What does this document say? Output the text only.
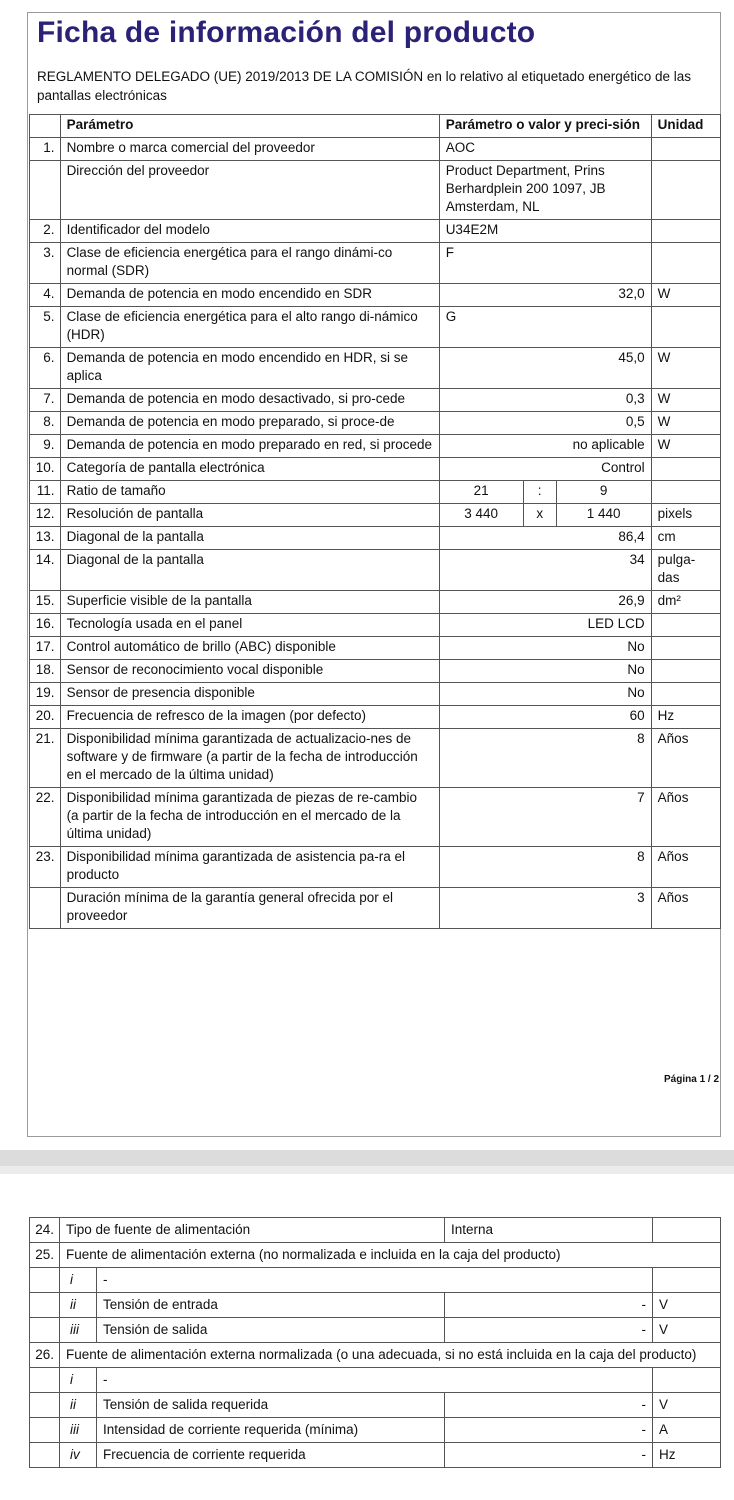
Ficha de información del producto
REGLAMENTO DELEGADO (UE) 2019/2013 DE LA COMISIÓN en lo relativo al etiquetado energético de las pantallas electrónicas
	Parámetro	Parámetro o valor y preci-sión	Unidad
1.	Nombre o marca comercial del proveedor	AOC	
	Dirección del proveedor	Product Department, Prins Berhardplein 200 1097, JB Amsterdam, NL	
2.	Identificador del modelo	U34E2M	
3.	Clase de eficiencia energética para el rango dinámi-co normal (SDR)	F	
4.	Demanda de potencia en modo encendido en SDR	32,0	W
5.	Clase de eficiencia energética para el alto rango di-námico (HDR)	G	
6.	Demanda de potencia en modo encendido en HDR, si se aplica	45,0	W
7.	Demanda de potencia en modo desactivado, si pro-cede	0,3	W
8.	Demanda de potencia en modo preparado, si proce-de	0,5	W
9.	Demanda de potencia en modo preparado en red, si procede	no aplicable	W
10.	Categoría de pantalla electrónica	Control	
11.	Ratio de tamaño	21 : 9	

12.	Resolución de pantalla	3 440 x 1 440	pixels
13.	Diagonal de la pantalla	86,4	cm
14.	Diagonal de la pantalla	34	pulga-das
15.	Superficie visible de la pantalla	26,9	dm²
16.	Tecnología usada en el panel	LED LCD	
17.	Control automático de brillo (ABC) disponible	No	
18.	Sensor de reconocimiento vocal disponible	No	
19.	Sensor de presencia disponible	No	
20.	Frecuencia de refresco de la imagen (por defecto)	60	Hz
21.	Disponibilidad mínima garantizada de actualizacio-nes de software y de firmware (a partir de la fecha de introducción en el mercado de la última unidad)	8	Años
22.	Disponibilidad mínima garantizada de piezas de re-cambio (a partir de la fecha de introducción en el mercado de la última unidad)	7	Años
23.	Disponibilidad mínima garantizada de asistencia pa-ra el producto	8	Años
	Duración mínima de la garantía general ofrecida por el proveedor	3	Años
Página 1 / 2
24.	Tipo de fuente de alimentación		Interna	
25.	Fuente de alimentación externa (no normalizada e incluida en la caja del producto)			
	i	-		
	ii	Tensión de entrada	-	V
	iii	Tensión de salida	-	V
26.	Fuente de alimentación externa normalizada (o una adecuada, si no está incluida en la caja del producto)			
	i	-		
	ii	Tensión de salida requerida	-	V
	iii	Intensidad de corriente requerida (mínima)	-	A
	iv	Frecuencia de corriente requerida	-	Hz
